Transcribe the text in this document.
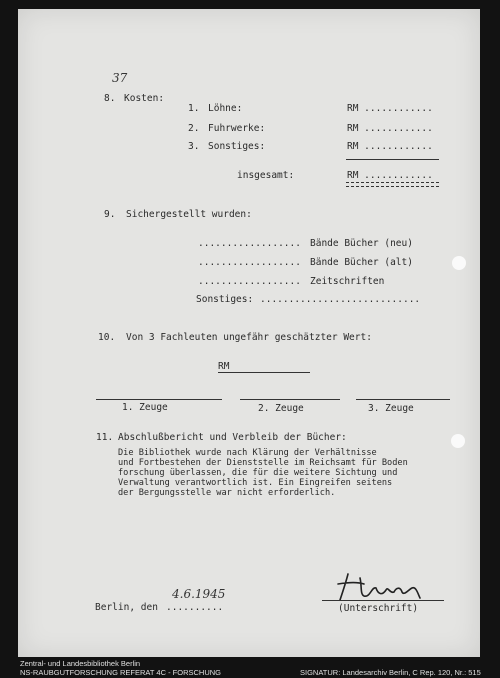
37
8. Kosten:
1. Löhne:	RM ............
2. Fuhrwerke:	RM ............
3. Sonstiges:	RM ............
insgesamt:	RM ............
9. Sichergestellt wurden:
.................. Bände Bücher (neu)
.................. Bände Bücher (alt)
.................. Zeitschriften
Sonstiges: ............................
10. Von 3 Fachleuten ungefähr geschätzter Wert:
RM
1. Zeuge	2. Zeuge	3. Zeuge
11. Abschlußbericht und Verbleib der Bücher:
Die Bibliothek wurde nach Klärung der Verhältnisse
und Fortbestehen der Dienststelle im Reichsamt für Boden
forschung überlassen, die für die weitere Sichtung und
Verwaltung verantwortlich ist. Ein Eingreifen seitens
der Bergungsstelle war nicht erforderlich.
Berlin, den ..........
4.6.1945
(Unterschrift)
Zentral- und Landesbibliothek Berlin
NS-RAUBGUTFORSCHUNG REFERAT 4C - FORSCHUNG	SIGNATUR: Landesarchiv Berlin, C Rep. 120, Nr.: 515
